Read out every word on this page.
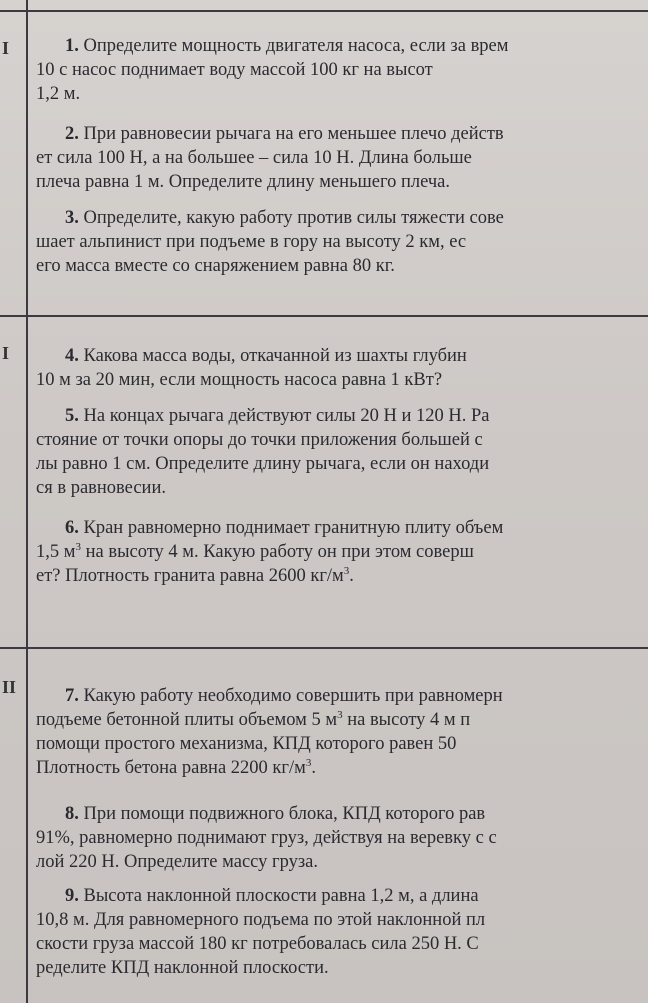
I
I
II
1. Определите мощность двигателя насоса, если за врем
10 с насос поднимает воду массой 100 кг на высот
1,2 м.
2. При равновесии рычага на его меньшее плечо действ
ет сила 100 Н, а на большее – сила 10 Н. Длина больше
плеча равна 1 м. Определите длину меньшего плеча.
3. Определите, какую работу против силы тяжести сове
шает альпинист при подъеме в гору на высоту 2 км, ес
его масса вместе со снаряжением равна 80 кг.
4. Какова масса воды, откачанной из шахты глубин
10 м за 20 мин, если мощность насоса равна 1 кВт?
5. На концах рычага действуют силы 20 Н и 120 Н. Ра
стояние от точки опоры до точки приложения большей с
лы равно 1 см. Определите длину рычага, если он находи
ся в равновесии.
6. Кран равномерно поднимает гранитную плиту объем
1,5 $м^3$ на высоту 4 м. Какую работу он при этом соверш
ет? Плотность гранита равна 2600 $кг/м^3$.
7. Какую работу необходимо совершить при равномерн
подъеме бетонной плиты объемом 5 $м^3$ на высоту 4 м п
помощи простого механизма, КПД которого равен 50
Плотность бетона равна 2200 $кг/м^3$.
8. При помощи подвижного блока, КПД которого рав
91%, равномерно поднимают груз, действуя на веревку с с
лой 220 Н. Определите массу груза.
9. Высота наклонной плоскости равна 1,2 м, а длина
10,8 м. Для равномерного подъема по этой наклонной пл
скости груза массой 180 кг потребовалась сила 250 Н. С
ределите КПД наклонной плоскости.
